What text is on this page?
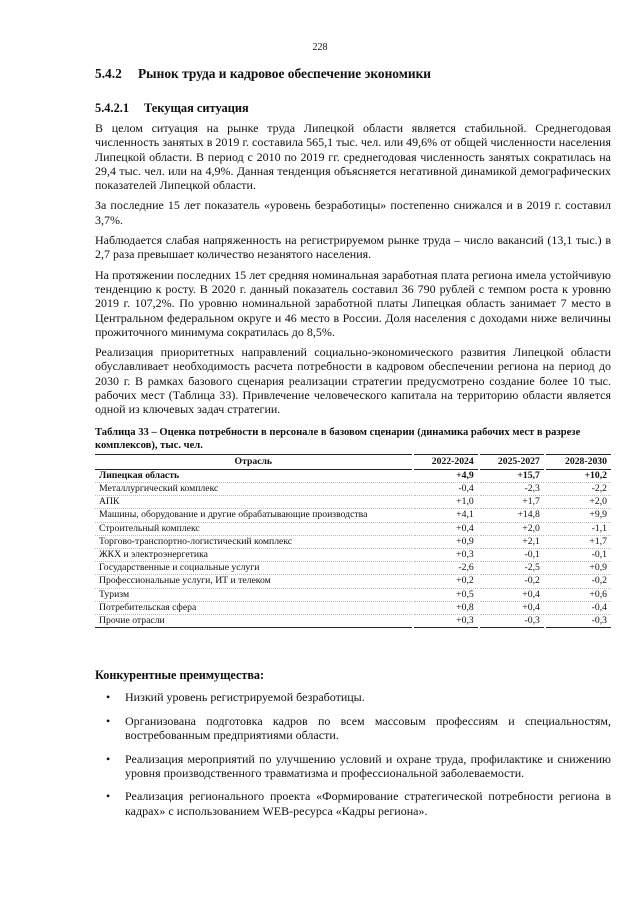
228
5.4.2	Рынок труда и кадровое обеспечение экономики
5.4.2.1	Текущая ситуация

В целом ситуация на рынке труда Липецкой области является стабильной. Среднегодовая численность занятых в 2019 г. составила 565,1 тыс. чел. или 49,6% от общей численности населения Липецкой области. В период с 2010 по 2019 гг. среднегодовая численность занятых сократилась на 29,4 тыс. чел. или на 4,9%. Данная тенденция объясняется негативной динамикой демографических показателей Липецкой области.

За последние 15 лет показатель «уровень безработицы» постепенно снижался и в 2019 г. составил 3,7%.

Наблюдается слабая напряженность на регистрируемом рынке труда – число вакансий (13,1 тыс.) в 2,7 раза превышает количество незанятого населения.

На протяжении последних 15 лет средняя номинальная заработная плата региона имела устойчивую тенденцию к росту. В 2020 г. данный показатель составил 36 790 рублей с темпом роста к уровню 2019 г. 107,2%. По уровню номинальной заработной платы Липецкая область занимает 7 место в Центральном федеральном округе и 46 место в России. Доля населения с доходами ниже величины прожиточного минимума сократилась до 8,5%.

Реализация приоритетных направлений социально-экономического развития Липецкой области обуславливает необходимость расчета потребности в кадровом обеспечении региона на период до 2030 г. В рамках базового сценария реализации стратегии предусмотрено создание более 10 тыс. рабочих мест (Таблица 33). Привлечение человеческого капитала на территорию области является одной из ключевых задач стратегии.

Таблица 33 – Оценка потребности в персонале в базовом сценарии (динамика рабочих мест в разрезе комплексов), тыс. чел.
Отрасль	2022-2024	2025-2027	2028-2030
Липецкая область	+4,9	+15,7	+10,2
Металлургический комплекс	-0,4	-2,3	-2,2
АПК	+1,0	+1,7	+2,0
Машины, оборудование и другие обрабатывающие производства	+4,1	+14,8	+9,9
Строительный комплекс	+0,4	+2,0	-1,1
Торгово-транспортно-логистический комплекс	+0,9	+2,1	+1,7
ЖКХ и электроэнергетика	+0,3	-0,1	-0,1
Государственные и социальные услуги	-2,6	-2,5	+0,9
Профессиональные услуги, ИТ и телеком	+0,2	-0,2	-0,2
Туризм	+0,5	+0,4	+0,6
Потребительская сфера	+0,8	+0,4	-0,4
Прочие отрасли	+0,3	-0,3	-0,3
Конкурентные преимущества:
• Низкий уровень регистрируемой безработицы.
• Организована подготовка кадров по всем массовым профессиям и специальностям, востребованным предприятиями области.
• Реализация мероприятий по улучшению условий и охране труда, профилактике и снижению уровня производственного травматизма и профессиональной заболеваемости.
• Реализация регионального проекта «Формирование стратегической потребности региона в кадрах» с использованием WEB-ресурса «Кадры региона».
